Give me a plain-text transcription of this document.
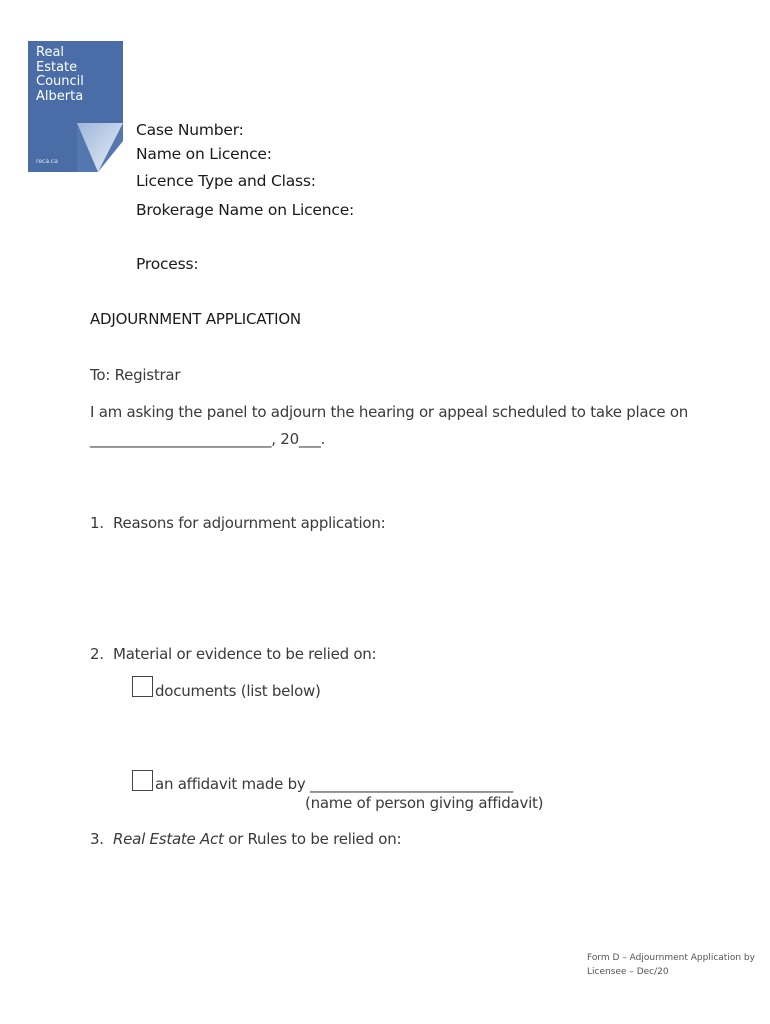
Real
Estate
Council
Alberta
reca.ca
Case Number:
Name on Licence:
Licence Type and Class:
Brokerage Name on Licence:
Process:
ADJOURNMENT APPLICATION
To: Registrar
I am asking the panel to adjourn the hearing or appeal scheduled to take place on
_________________________, 20___.
1. Reasons for adjournment application:
2. Material or evidence to be relied on:
documents (list below)
an affidavit made by ____________________________
(name of person giving affidavit)
3. Real Estate Act or Rules to be relied on:
Form D – Adjournment Application by
Licensee – Dec/20
